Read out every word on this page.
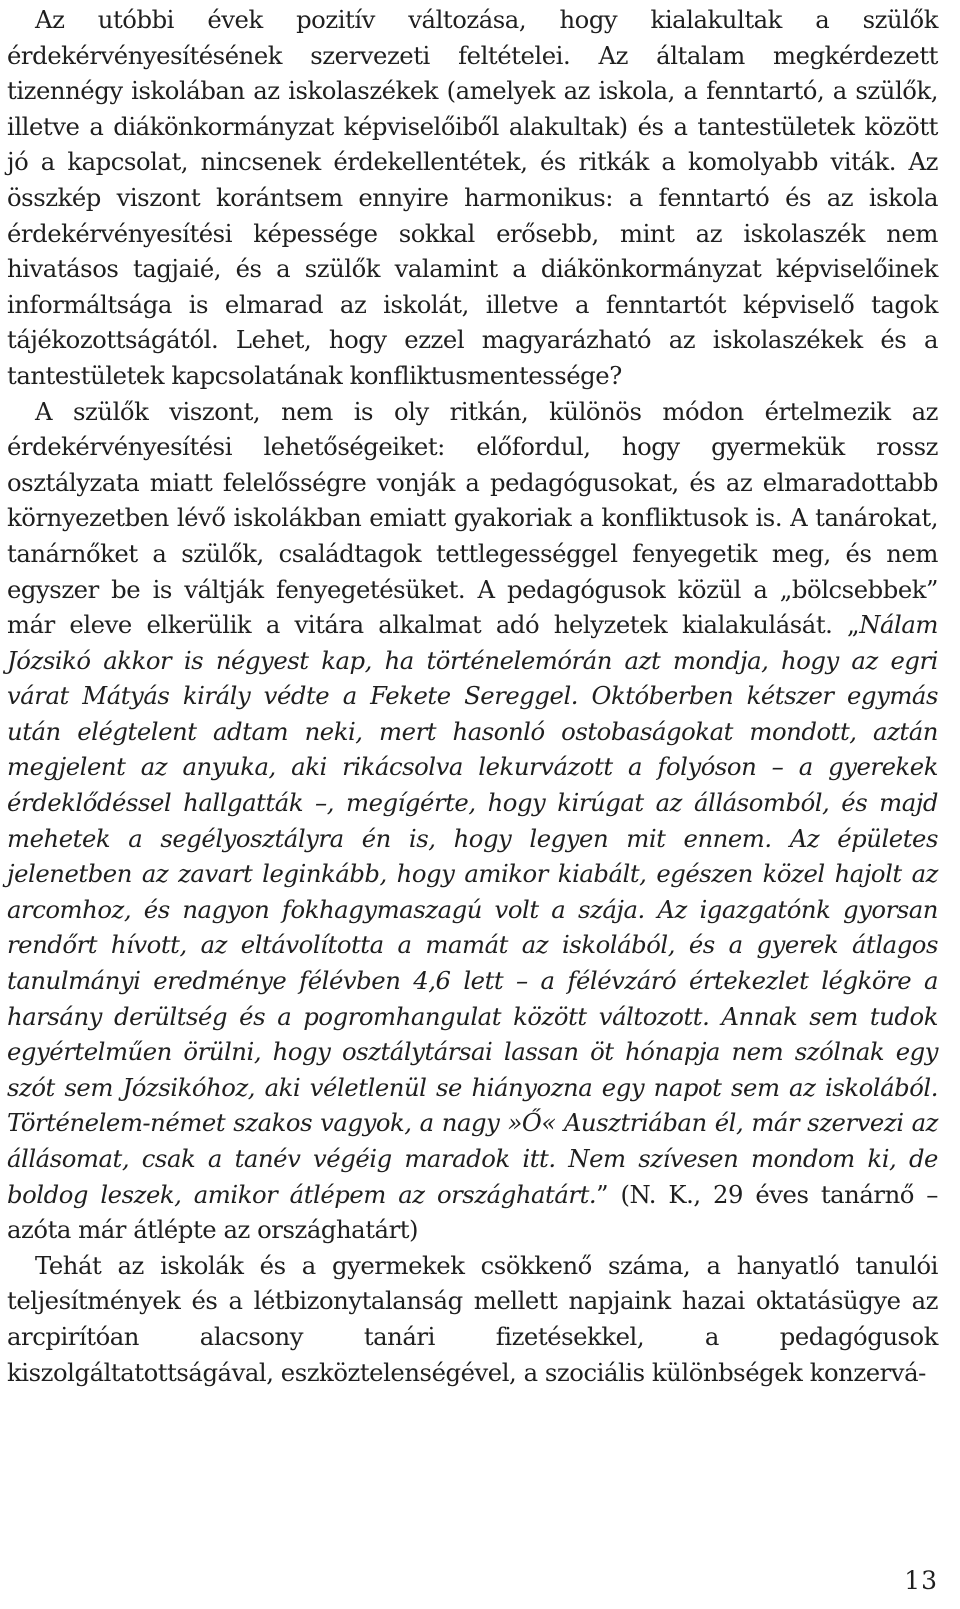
Az utóbbi évek pozitív változása, hogy kialakultak a szülők érdekérvényesítésének szervezeti feltételei. Az általam megkérdezett tizennégy iskolában az iskolaszékek (amelyek az iskola, a fenntartó, a szülők, illetve a diákönkormányzat képviselőiből alakultak) és a tantestületek között jó a kapcsolat, nincsenek érdekellentétek, és ritkák a komolyabb viták. Az összkép viszont korántsem ennyire harmonikus: a fenntartó és az iskola érdekérvényesítési képessége sokkal erősebb, mint az iskolaszék nem hivatásos tagjaié, és a szülők valamint a diákönkormányzat képviselőinek informáltsága is elmarad az iskolát, illetve a fenntartót képviselő tagok tájékozottságától. Lehet, hogy ezzel magyarázható az iskolaszékek és a tantestületek kapcsolatának konfliktusmentessége?

A szülők viszont, nem is oly ritkán, különös módon értelmezik az érdekérvényesítési lehetőségeiket: előfordul, hogy gyermekük rossz osztályzata miatt felelősségre vonják a pedagógusokat, és az elmaradottabb környezetben lévő iskolákban emiatt gyakoriak a konfliktusok is. A tanárokat, tanárnőket a szülők, családtagok tettlegességgel fenyegetik meg, és nem egyszer be is váltják fenyegetésüket. A pedagógusok közül a „bölcsebbek” már eleve elkerülik a vitára alkalmat adó helyzetek kialakulását. „Nálam Józsikó akkor is négyest kap, ha történelemórán azt mondja, hogy az egri várat Mátyás király védte a Fekete Sereggel. Októberben kétszer egymás után elégtelent adtam neki, mert hasonló ostobaságokat mondott, aztán megjelent az anyuka, aki rikácsolva lekurvázott a folyóson – a gyerekek érdeklődéssel hallgatták –, megígérte, hogy kirúgat az állásomból, és majd mehetek a segélyosztályra én is, hogy legyen mit ennem. Az épületes jelenetben az zavart leginkább, hogy amikor kiabált, egészen közel hajolt az arcomhoz, és nagyon fokhagymaszagú volt a szája. Az igazgatónk gyorsan rendőrt hívott, az eltávolította a mamát az iskolából, és a gyerek átlagos tanulmányi eredménye félévben 4,6 lett – a félévzáró értekezlet légköre a harsány derültség és a pogromhangulat között változott. Annak sem tudok egyértelműen örülni, hogy osztálytársai lassan öt hónapja nem szólnak egy szót sem Józsikóhoz, aki véletlenül se hiányozna egy napot sem az iskolából. Történelem-német szakos vagyok, a nagy »Ő« Ausztriában él, már szervezi az állásomat, csak a tanév végéig maradok itt. Nem szívesen mondom ki, de boldog leszek, amikor átlépem az országhatárt.” (N. K., 29 éves tanárnő – azóta már átlépte az országhatárt)

Tehát az iskolák és a gyermekek csökkenő száma, a hanyatló tanulói teljesítmények és a létbizonytalanság mellett napjaink hazai oktatásügye az arcpirítóan alacsony tanári fizetésekkel, a pedagógusok kiszolgáltatottságával, eszköztelenségével, a szociális különbségek konzervá-

13
